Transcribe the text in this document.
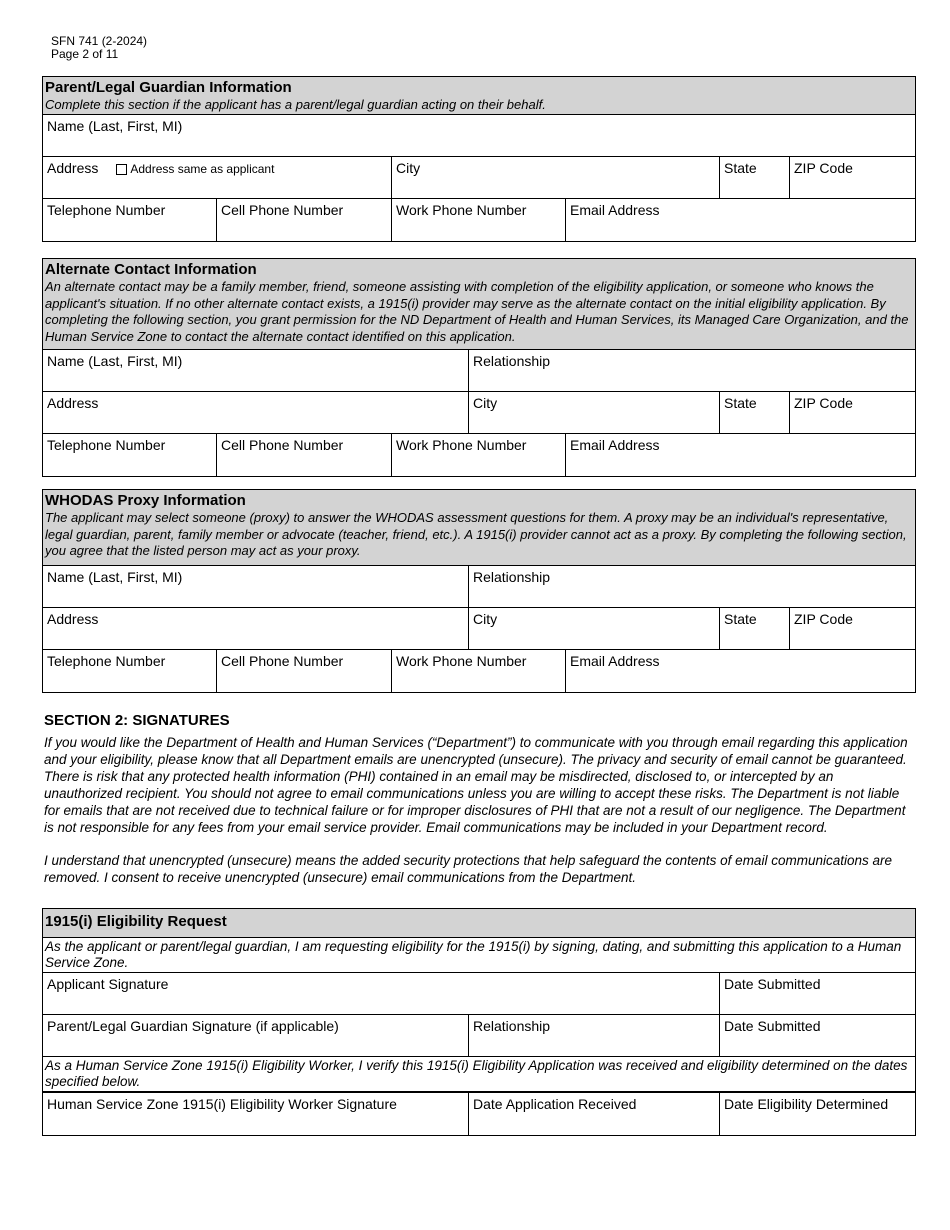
SFN 741 (2-2024)
Page 2 of 11
Parent/Legal Guardian Information
Complete this section if the applicant has a parent/legal guardian acting on their behalf.
Name (Last, First, MI)
Address	Address same as applicant	City	State	ZIP Code
Telephone Number	Cell Phone Number	Work Phone Number	Email Address
Alternate Contact Information
An alternate contact may be a family member, friend, someone assisting with completion of the eligibility application, or someone who knows the applicant's situation. If no other alternate contact exists, a 1915(i) provider may serve as the alternate contact on the initial eligibility application. By completing the following section, you grant permission for the ND Department of Health and Human Services, its Managed Care Organization, and the Human Service Zone to contact the alternate contact identified on this application.
Name (Last, First, MI)	Relationship
Address	City	State	ZIP Code
Telephone Number	Cell Phone Number	Work Phone Number	Email Address
WHODAS Proxy Information
The applicant may select someone (proxy) to answer the WHODAS assessment questions for them. A proxy may be an individual's representative, legal guardian, parent, family member or advocate (teacher, friend, etc.). A 1915(i) provider cannot act as a proxy. By completing the following section, you agree that the listed person may act as your proxy.
Name (Last, First, MI)	Relationship
Address	City	State	ZIP Code
Telephone Number	Cell Phone Number	Work Phone Number	Email Address
SECTION 2: SIGNATURES
If you would like the Department of Health and Human Services (“Department”) to communicate with you through email regarding this application and your eligibility, please know that all Department emails are unencrypted (unsecure). The privacy and security of email cannot be guaranteed. There is risk that any protected health information (PHI) contained in an email may be misdirected, disclosed to, or intercepted by an unauthorized recipient. You should not agree to email communications unless you are willing to accept these risks. The Department is not liable for emails that are not received due to technical failure or for improper disclosures of PHI that are not a result of our negligence. The Department is not responsible for any fees from your email service provider. Email communications may be included in your Department record.
I understand that unencrypted (unsecure) means the added security protections that help safeguard the contents of email communications are removed. I consent to receive unencrypted (unsecure) email communications from the Department.
1915(i) Eligibility Request
As the applicant or parent/legal guardian, I am requesting eligibility for the 1915(i) by signing, dating, and submitting this application to a Human Service Zone.
Applicant Signature	Date Submitted
Parent/Legal Guardian Signature (if applicable)	Relationship	Date Submitted
As a Human Service Zone 1915(i) Eligibility Worker, I verify this 1915(i) Eligibility Application was received and eligibility determined on the dates specified below.
Human Service Zone 1915(i) Eligibility Worker Signature	Date Application Received	Date Eligibility Determined
